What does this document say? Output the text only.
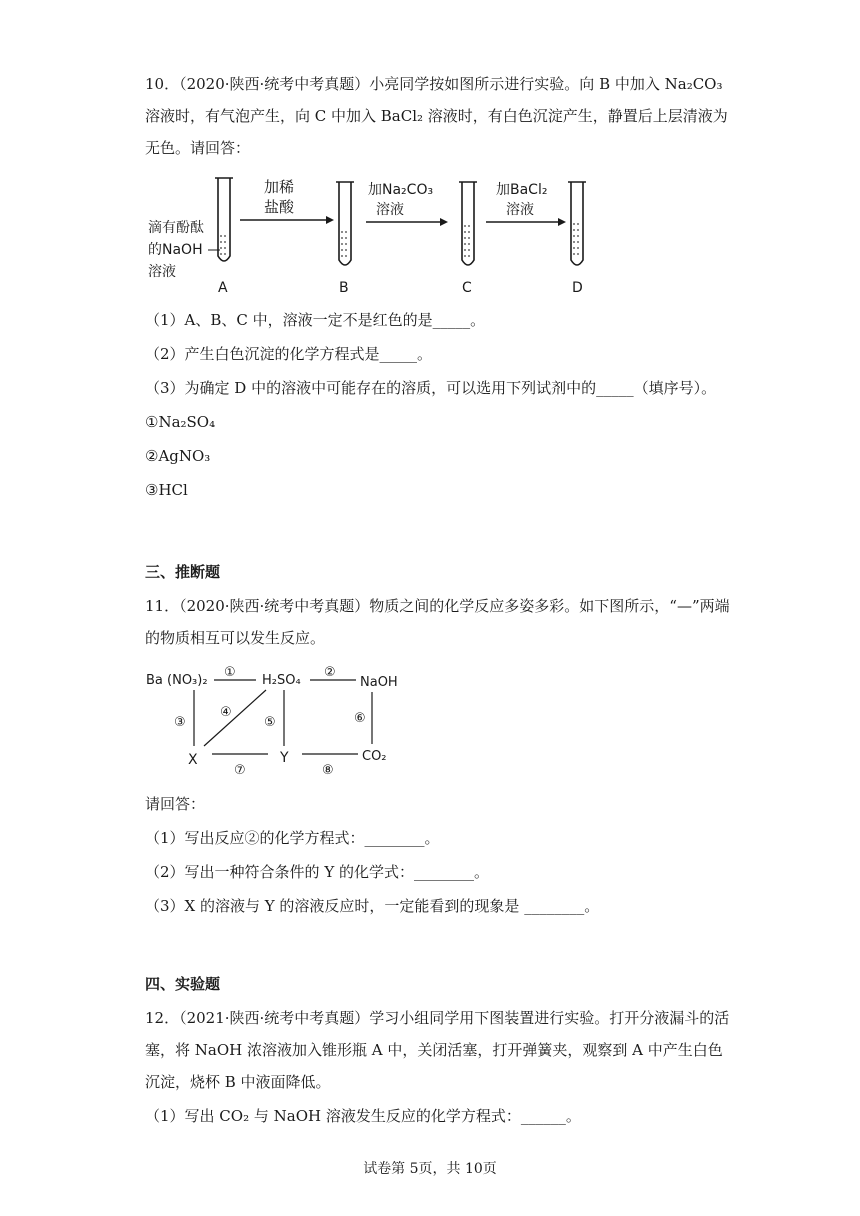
10．（2020·陕西·统考中考真题）小亮同学按如图所示进行实验。向 B 中加入 Na₂CO₃
溶液时，有气泡产生，向 C 中加入 BaCl₂ 溶液时，有白色沉淀产生，静置后上层清液为
无色。请回答：
滴有酚酞
的NaOH
溶液
A
加稀
盐酸
B
加Na₂CO₃
溶液
C
加BaCl₂
溶液
D
（1）A、B、C 中，溶液一定不是红色的是_____。
（2）产生白色沉淀的化学方程式是_____。
（3）为确定 D 中的溶液中可能存在的溶质，可以选用下列试剂中的_____（填序号）。
①Na₂SO₄
②AgNO₃
③HCl
三、推断题
11．（2020·陕西·统考中考真题）物质之间的化学反应多姿多彩。如下图所示，“—”两端
的物质相互可以发生反应。
Ba (NO₃)₂	H₂SO₄	NaOH
X	Y	CO₂
①	②
③
④
⑤	⑥
⑦	⑧
请回答：
（1）写出反应②的化学方程式：________。
（2）写出一种符合条件的 Y 的化学式：________。
（3）X 的溶液与 Y 的溶液反应时，一定能看到的现象是 ________。
四、实验题
12．（2021·陕西·统考中考真题）学习小组同学用下图装置进行实验。打开分液漏斗的活
塞，将 NaOH 浓溶液加入锥形瓶 A 中，关闭活塞，打开弹簧夹，观察到 A 中产生白色
沉淀，烧杯 B 中液面降低。
（1）写出 CO₂ 与 NaOH 溶液发生反应的化学方程式：______。
试卷第 5页，共 10页
